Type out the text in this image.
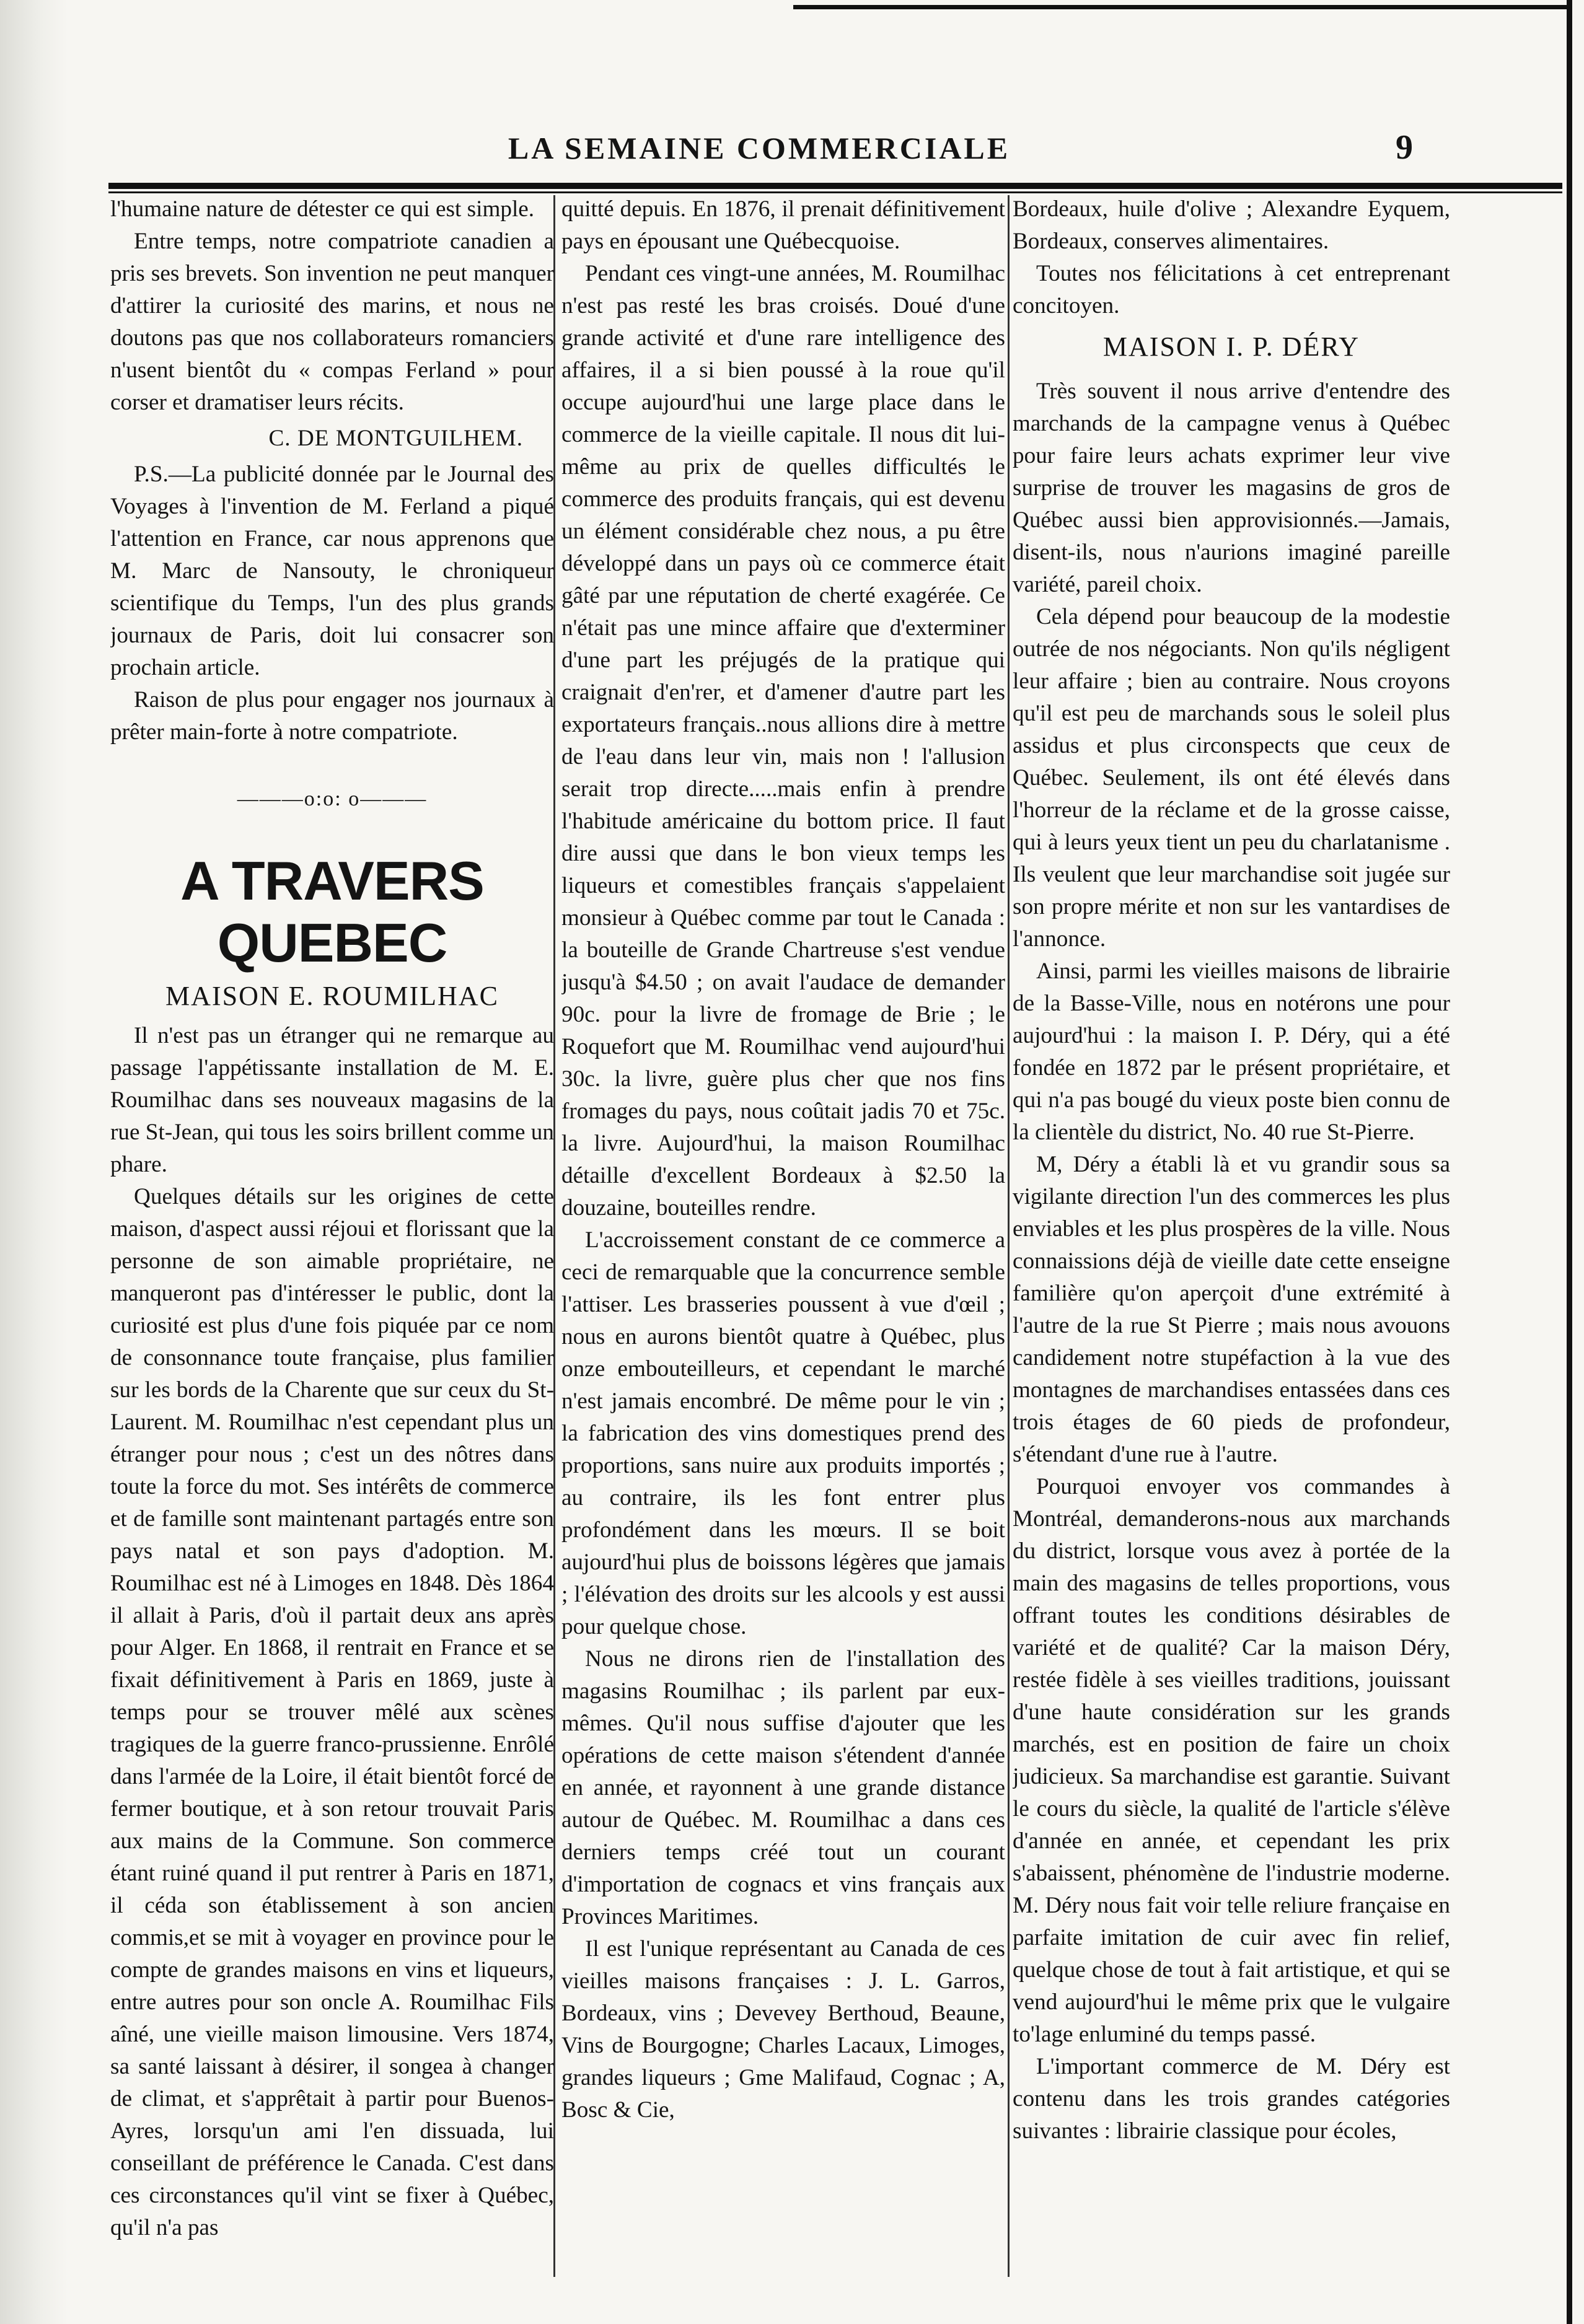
LA SEMAINE COMMERCIALE	9

l'humaine nature de détester ce qui est simple.

Entre temps, notre compatriote canadien a pris ses brevets. Son invention ne peut manquer d'attirer la curiosité des marins, et nous ne doutons pas que nos collaborateurs romanciers n'usent bientôt du « compas Ferland » pour corser et dramatiser leurs récits.

C. DE MONTGUILHEM.

P.S.—La publicité donnée par le Journal des Voyages à l'invention de M. Ferland a piqué l'attention en France, car nous apprenons que M. Marc de Nansouty, le chroniqueur scientifique du Temps, l'un des plus grands journaux de Paris, doit lui consacrer son prochain article.

Raison de plus pour engager nos journaux à prêter main-forte à notre compatriote.

———o:o: o———

A TRAVERS QUEBEC

MAISON E. ROUMILHAC

Il n'est pas un étranger qui ne remarque au passage l'appétissante installation de M. E. Roumilhac dans ses nouveaux magasins de la rue St-Jean, qui tous les soirs brillent comme un phare.

Quelques détails sur les origines de cette maison, d'aspect aussi réjoui et florissant que la personne de son aimable propriétaire, ne manqueront pas d'intéresser le public, dont la curiosité est plus d'une fois piquée par ce nom de consonnance toute française, plus familier sur les bords de la Charente que sur ceux du St-Laurent. M. Roumilhac n'est cependant plus un étranger pour nous ; c'est un des nôtres dans toute la force du mot. Ses intérêts de commerce et de famille sont maintenant partagés entre son pays natal et son pays d'adoption. M. Roumilhac est né à Limoges en 1848. Dès 1864 il allait à Paris, d'où il partait deux ans après pour Alger. En 1868, il rentrait en France et se fixait définitivement à Paris en 1869, juste à temps pour se trouver mêlé aux scènes tragiques de la guerre franco-prussienne. Enrôlé dans l'armée de la Loire, il était bientôt forcé de fermer boutique, et à son retour trouvait Paris aux mains de la Commune. Son commerce étant ruiné quand il put rentrer à Paris en 1871, il céda son établissement à son ancien commis,et se mit à voyager en province pour le compte de grandes maisons en vins et liqueurs, entre autres pour son oncle A. Roumilhac Fils aîné, une vieille maison limousine. Vers 1874, sa santé laissant à désirer, il songea à changer de climat, et s'apprêtait à partir pour Buenos-Ayres, lorsqu'un ami l'en dissuada, lui conseillant de préférence le Canada. C'est dans ces circonstances qu'il vint se fixer à Québec, qu'il n'a pas

quitté depuis. En 1876, il prenait définitivement pays en épousant une Québecquoise.

Pendant ces vingt-une années, M. Roumilhac n'est pas resté les bras croisés. Doué d'une grande activité et d'une rare intelligence des affaires, il a si bien poussé à la roue qu'il occupe aujourd'hui une large place dans le commerce de la vieille capitale. Il nous dit lui-même au prix de quelles difficultés le commerce des produits français, qui est devenu un élément considérable chez nous, a pu être développé dans un pays où ce commerce était gâté par une réputation de cherté exagérée. Ce n'était pas une mince affaire que d'exterminer d'une part les préjugés de la pratique qui craignait d'en'rer, et d'amener d'autre part les exportateurs français..nous allions dire à mettre de l'eau dans leur vin, mais non ! l'allusion serait trop directe.....mais enfin à prendre l'habitude américaine du bottom price. Il faut dire aussi que dans le bon vieux temps les liqueurs et comestibles français s'appelaient monsieur à Québec comme par tout le Canada : la bouteille de Grande Chartreuse s'est vendue jusqu'à $4.50 ; on avait l'audace de demander 90c. pour la livre de fromage de Brie ; le Roquefort que M. Roumilhac vend aujourd'hui 30c. la livre, guère plus cher que nos fins fromages du pays, nous coûtait jadis 70 et 75c. la livre. Aujourd'hui, la maison Roumilhac détaille d'excellent Bordeaux à $2.50 la douzaine, bouteilles rendre.

L'accroissement constant de ce commerce a ceci de remarquable que la concurrence semble l'attiser. Les brasseries poussent à vue d'œil ; nous en aurons bientôt quatre à Québec, plus onze embouteilleurs, et cependant le marché n'est jamais encombré. De même pour le vin ; la fabrication des vins domestiques prend des proportions, sans nuire aux produits importés ; au contraire, ils les font entrer plus profondément dans les mœurs. Il se boit aujourd'hui plus de boissons légères que jamais ; l'élévation des droits sur les alcools y est aussi pour quelque chose.

Nous ne dirons rien de l'installation des magasins Roumilhac ; ils parlent par eux-mêmes. Qu'il nous suffise d'ajouter que les opérations de cette maison s'étendent d'année en année, et rayonnent à une grande distance autour de Québec. M. Roumilhac a dans ces derniers temps créé tout un courant d'importation de cognacs et vins français aux Provinces Maritimes.

Il est l'unique représentant au Canada de ces vieilles maisons françaises : J. L. Garros, Bordeaux, vins ; Devevey Berthoud, Beaune, Vins de Bourgogne; Charles Lacaux, Limoges, grandes liqueurs ; Gme Malifaud, Cognac ; A, Bosc & Cie,

Bordeaux, huile d'olive ; Alexandre Eyquem, Bordeaux, conserves alimentaires.

Toutes nos félicitations à cet entreprenant concitoyen.

MAISON I. P. DÉRY

Très souvent il nous arrive d'entendre des marchands de la campagne venus à Québec pour faire leurs achats exprimer leur vive surprise de trouver les magasins de gros de Québec aussi bien approvisionnés.—Jamais, disent-ils, nous n'aurions imaginé pareille variété, pareil choix.

Cela dépend pour beaucoup de la modestie outrée de nos négociants. Non qu'ils négligent leur affaire ; bien au contraire. Nous croyons qu'il est peu de marchands sous le soleil plus assidus et plus circonspects que ceux de Québec. Seulement, ils ont été élevés dans l'horreur de la réclame et de la grosse caisse, qui à leurs yeux tient un peu du charlatanisme . Ils veulent que leur marchandise soit jugée sur son propre mérite et non sur les vantardises de l'annonce.

Ainsi, parmi les vieilles maisons de librairie de la Basse-Ville, nous en notérons une pour aujourd'hui : la maison I. P. Déry, qui a été fondée en 1872 par le présent propriétaire, et qui n'a pas bougé du vieux poste bien connu de la clientèle du district, No. 40 rue St-Pierre.

M, Déry a établi là et vu grandir sous sa vigilante direction l'un des commerces les plus enviables et les plus prospères de la ville. Nous connaissions déjà de vieille date cette enseigne familière qu'on aperçoit d'une extrémité à l'autre de la rue St Pierre ; mais nous avouons candidement notre stupéfaction à la vue des montagnes de marchandises entassées dans ces trois étages de 60 pieds de profondeur, s'étendant d'une rue à l'autre.

Pourquoi envoyer vos commandes à Montréal, demanderons-nous aux marchands du district, lorsque vous avez à portée de la main des magasins de telles proportions, vous offrant toutes les conditions désirables de variété et de qualité? Car la maison Déry, restée fidèle à ses vieilles traditions, jouissant d'une haute considération sur les grands marchés, est en position de faire un choix judicieux. Sa marchandise est garantie. Suivant le cours du siècle, la qualité de l'article s'élève d'année en année, et cependant les prix s'abaissent, phénomène de l'industrie moderne. M. Déry nous fait voir telle reliure française en parfaite imitation de cuir avec fin relief, quelque chose de tout à fait artistique, et qui se vend aujourd'hui le même prix que le vulgaire to'lage enluminé du temps passé.

L'important commerce de M. Déry est contenu dans les trois grandes catégories suivantes : librairie classique pour écoles,
